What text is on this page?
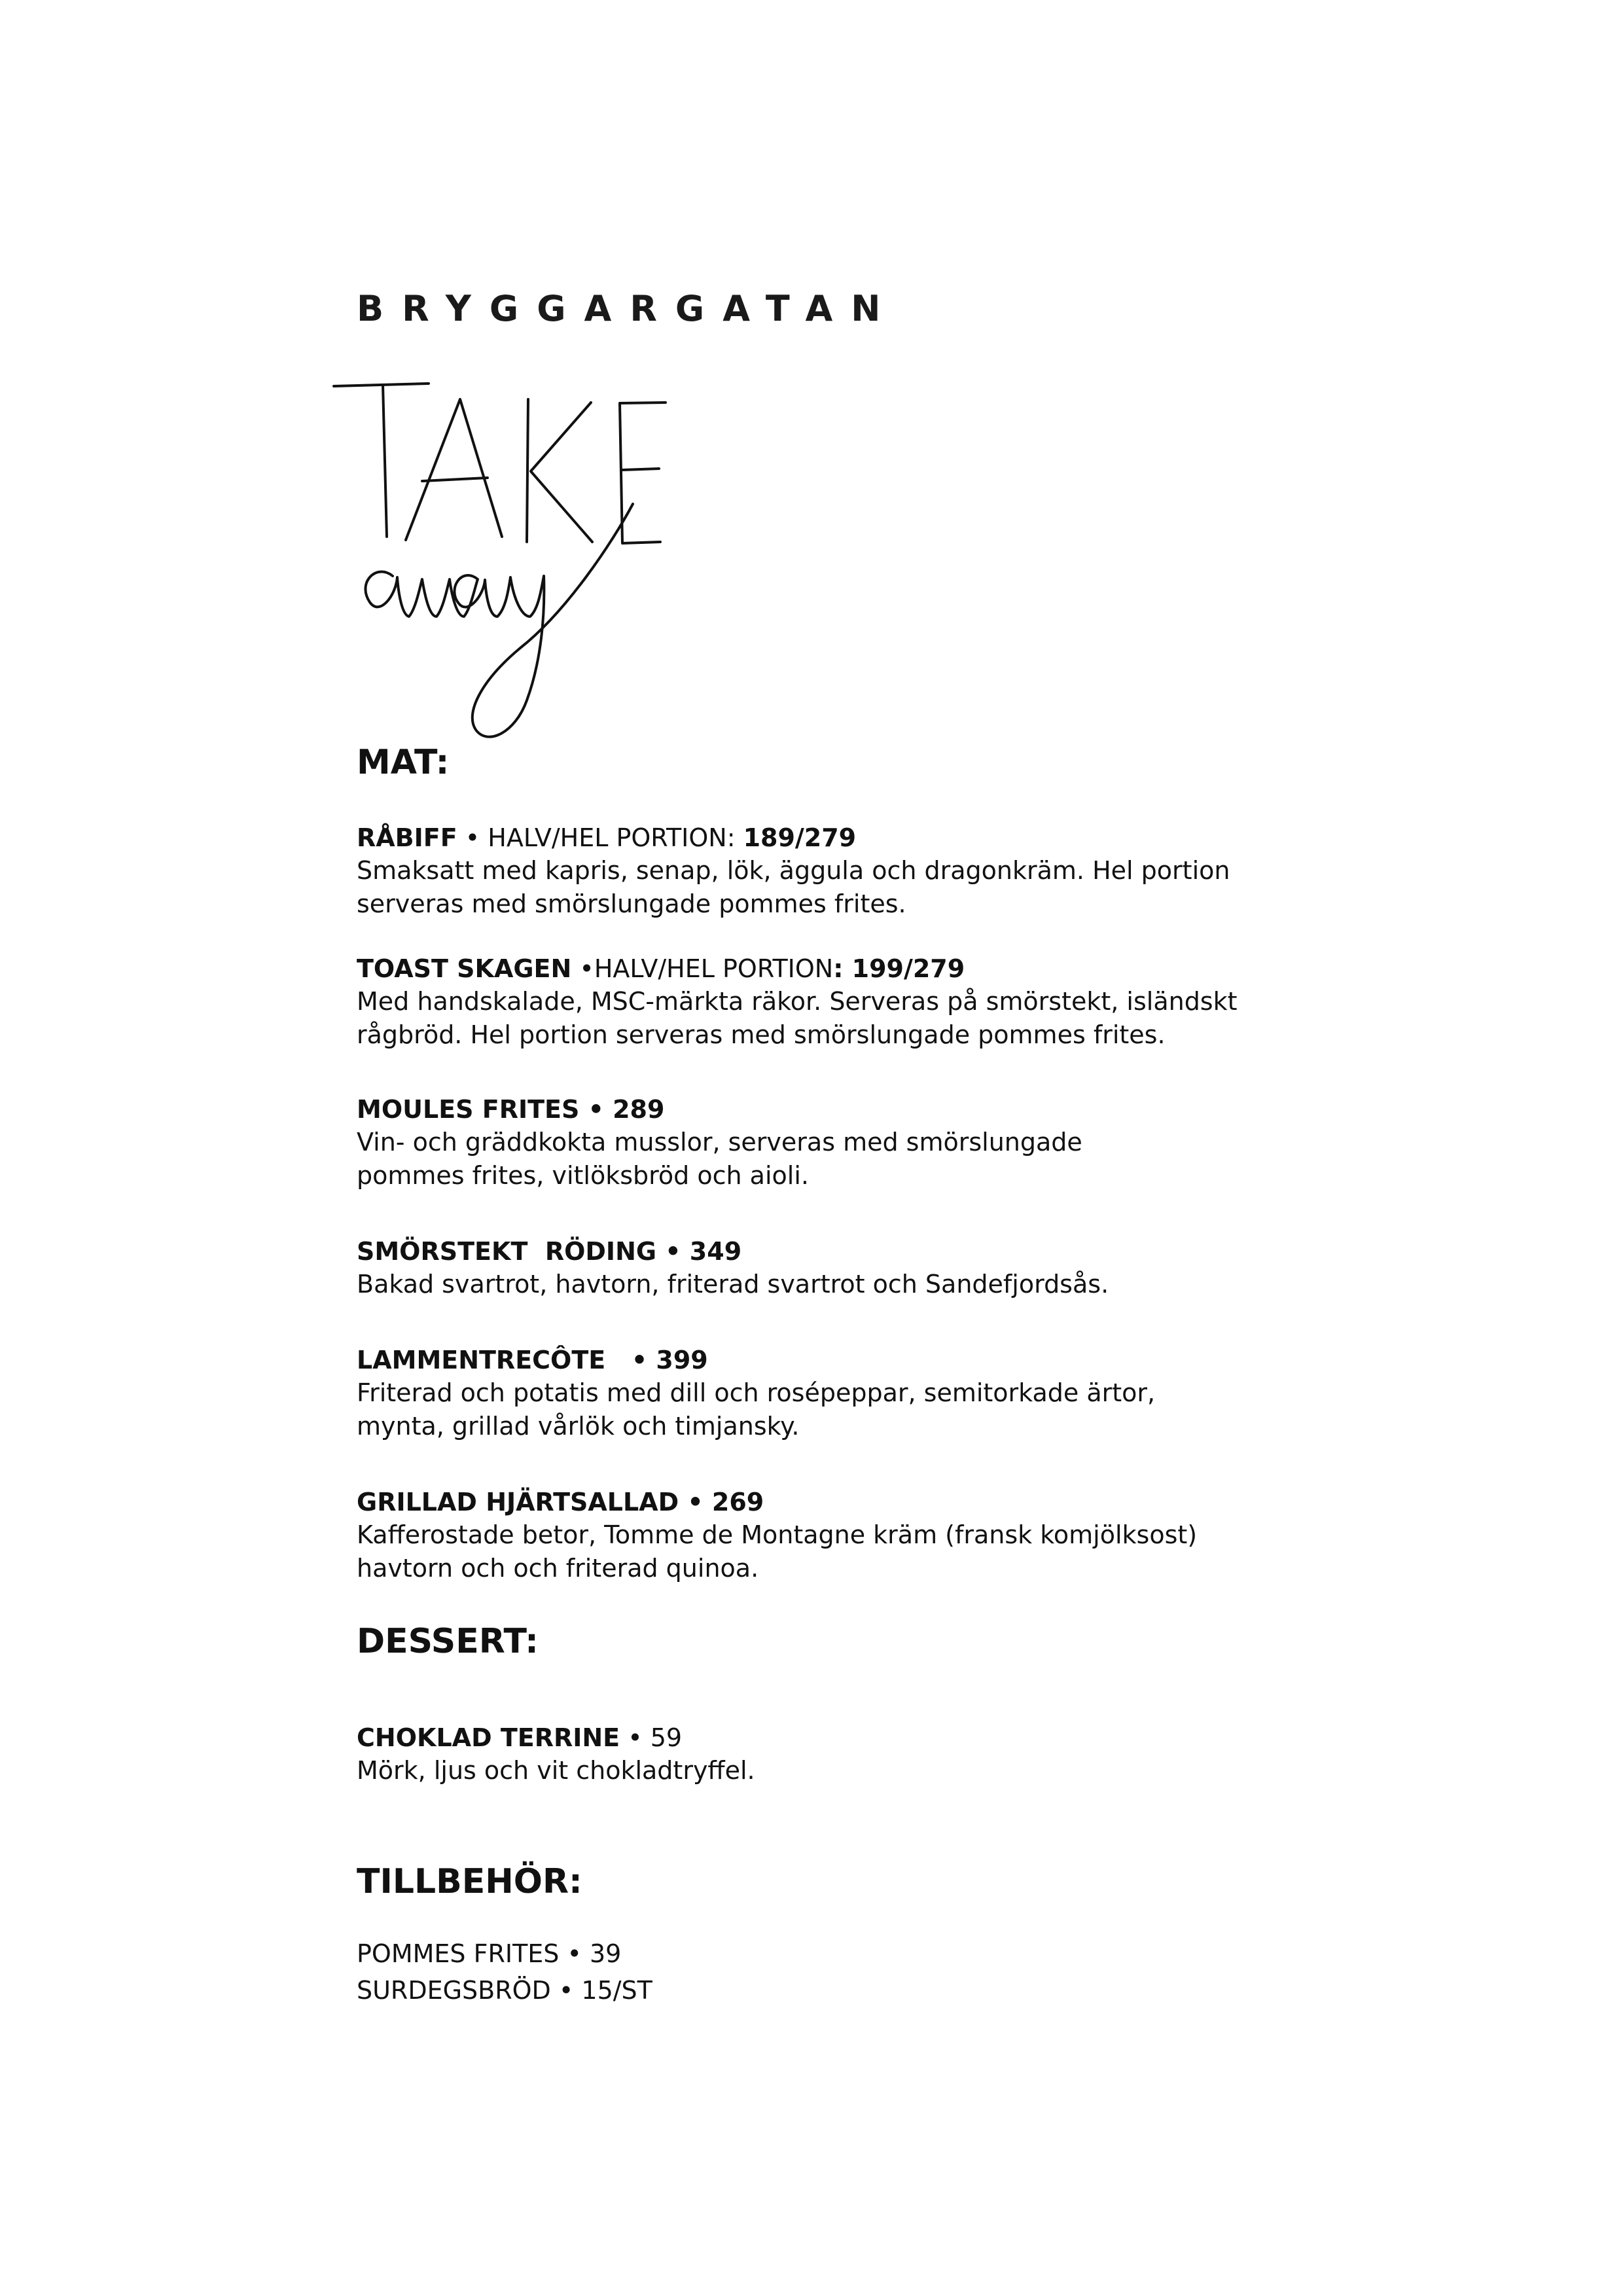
BRYGGARGATAN
MAT:

RÅBIFF • HALV/HEL PORTION: 189/279

Smaksatt med kapris, senap, lök, äggula och dragonkräm. Hel portion

serveras med smörslungade pommes frites.

TOAST SKAGEN •HALV/HEL PORTION: 199/279

Med handskalade, MSC-märkta räkor. Serveras på smörstekt, isländskt

rågbröd. Hel portion serveras med smörslungade pommes frites.

MOULES FRITES • 289

Vin- och gräddkokta musslor, serveras med smörslungade

pommes frites, vitlöksbröd och aioli.

SMÖRSTEKT  RÖDING • 349

Bakad svartrot, havtorn, friterad svartrot och Sandefjordsås.

LAMMENTRECÔTE   • 399

Friterad och potatis med dill och rosépeppar, semitorkade ärtor,

mynta, grillad vårlök och timjansky.

GRILLAD HJÄRTSALLAD • 269

Kafferostade betor, Tomme de Montagne kräm (fransk komjölksost)

havtorn och och friterad quinoa.

DESSERT:

CHOKLAD TERRINE • 59

Mörk, ljus och vit chokladtryffel.

TILLBEHÖR:

POMMES FRITES • 39

SURDEGSBRÖD • 15/ST
